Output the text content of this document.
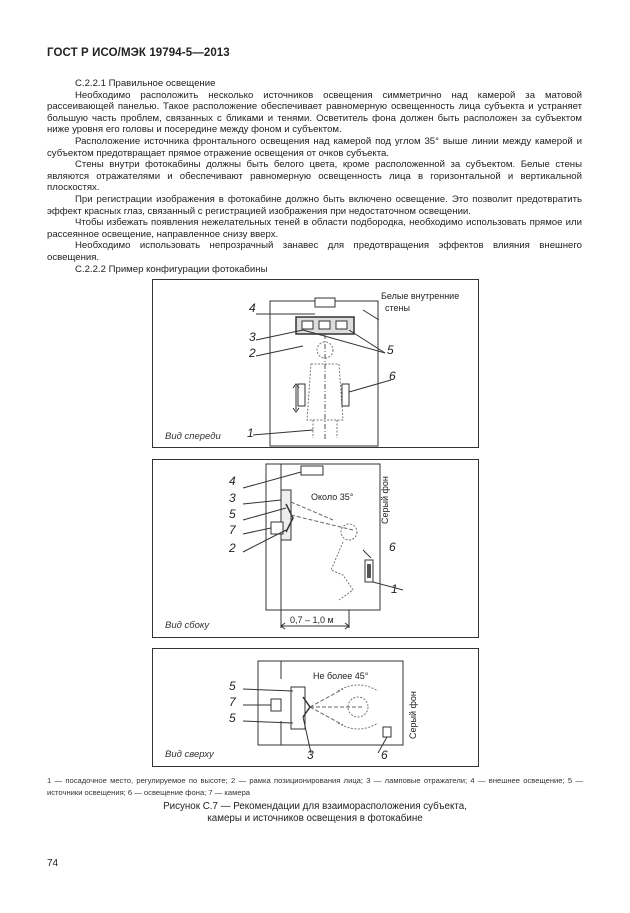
ГОСТ Р ИСО/МЭК 19794-5—2013

С.2.2.1 Правильное освещение

Необходимо расположить несколько источников освещения симметрично над камерой за матовой рассеивающей панелью. Такое расположение обеспечивает равномерную освещенность лица субъекта и устраняет большую часть проблем, связанных с бликами и тенями. Осветитель фона должен быть расположен за субъектом ниже уровня его головы и посередине между фоном и субъектом.

Расположение источника фронтального освещения над камерой под углом 35° выше линии между камерой и субъектом предотвращает прямое отражение освещения от очков субъекта.

Стены внутри фотокабины должны быть белого цвета, кроме расположенной за субъектом. Белые стены являются отражателями и обеспечивают равномерную освещенность лица в горизонтальной и вертикальной плоскостях.

При регистрации изображения в фотокабине должно быть включено освещение. Это позволит предотвратить эффект красных глаз, связанный с регистрацией изображения при недостаточном освещении.

Чтобы избежать появления нежелательных теней в области подбородка, необходимо использовать прямое или рассеянное освещение, направленное снизу вверх.

Необходимо использовать непрозрачный занавес для предотвращения эффектов влияния внешнего освещения.

С.2.2.2 Пример конфигурации фотокабины

4
3
2	5
6
1
Белые внутренние
стены
Вид спереди
4
3
5
7
2	6
1
Около 35°	Серый фон
0,7 – 1,0 м
Вид сбоку
5
7
5
3	6
Не более 45°
Серый фон
Вид сверху
1 — посадочное место, регулируемое по высоте; 2 — рамка позиционирования лица; 3 — ламповые отражатели; 4 — внешнее освещение; 5 — источники освещения; 6 — освещение фона; 7 — камера
Рисунок С.7 — Рекомендации для взаиморасположения субъекта,
камеры и источников освещения в фотокабине
74
